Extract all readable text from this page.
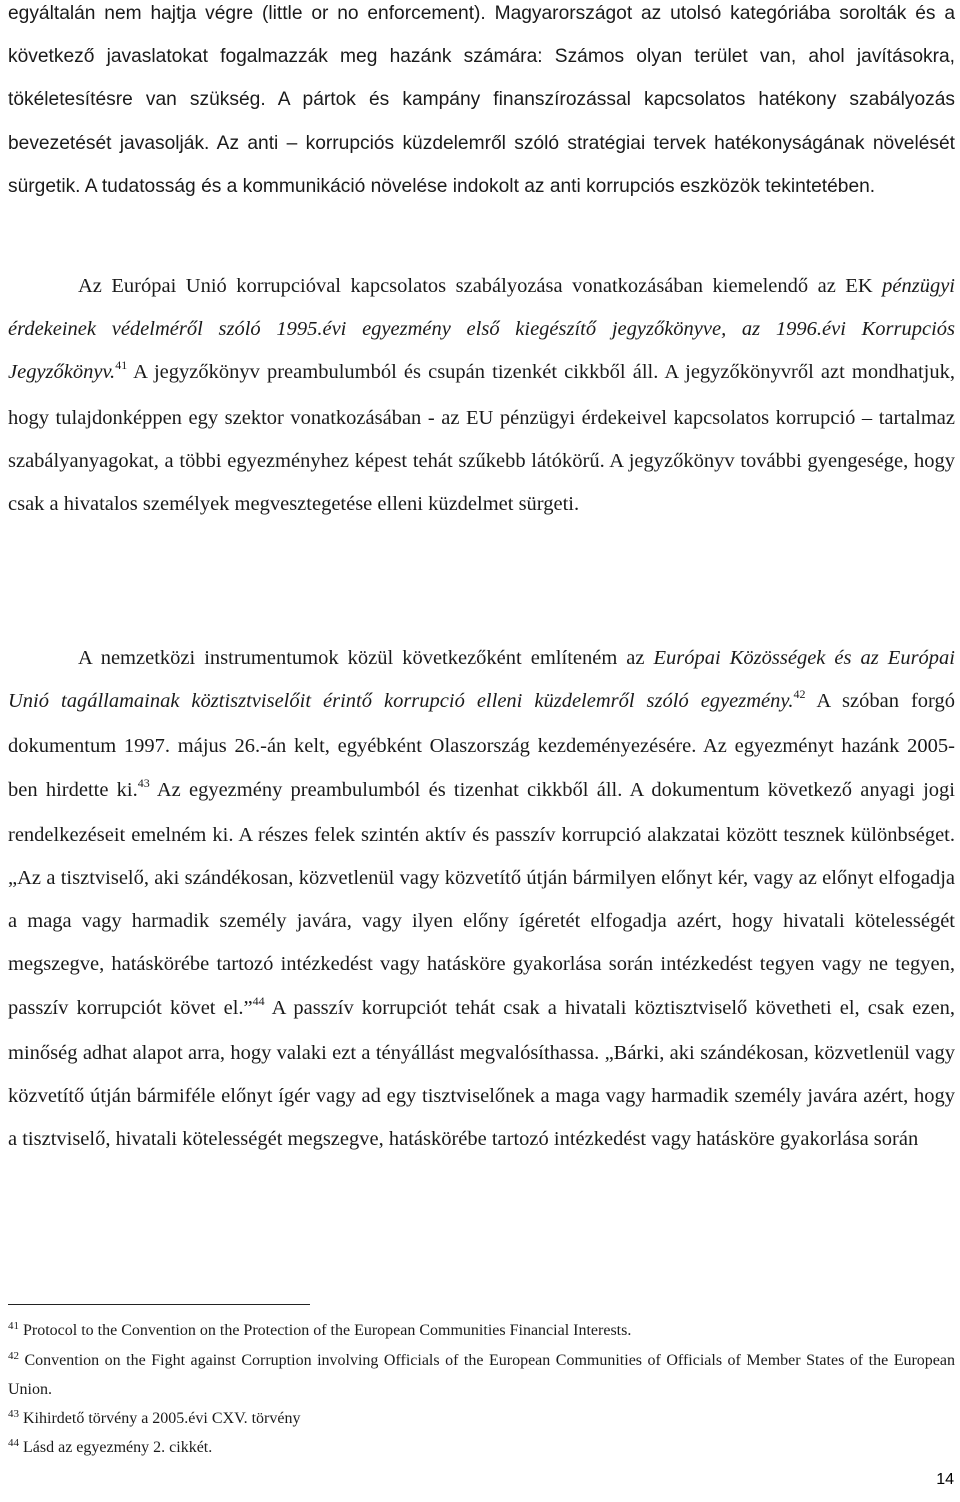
egyáltalán nem hajtja végre (little or no enforcement). Magyarországot az utolsó kategóriába sorolták és a következő javaslatokat fogalmazzák meg hazánk számára: Számos olyan terület van, ahol javításokra, tökéletesítésre van szükség. A pártok és kampány finanszírozással kapcsolatos hatékony szabályozás bevezetését javasolják. Az anti – korrupciós küzdelemről szóló stratégiai tervek hatékonyságának növelését sürgetik. A tudatosság és a kommunikáció növelése indokolt az anti korrupciós eszközök tekintetében.

Az Európai Unió korrupcióval kapcsolatos szabályozása vonatkozásában kiemelendő az EK pénzügyi érdekeinek védelméről szóló 1995.évi egyezmény első kiegészítő jegyzőkönyve, az 1996.évi Korrupciós Jegyzőkönyv.$^{41}$ A jegyzőkönyv preambulumból és csupán tizenkét cikkből áll. A jegyzőkönyvről azt mondhatjuk, hogy tulajdonképpen egy szektor vonatkozásában - az EU pénzügyi érdekeivel kapcsolatos korrupció – tartalmaz szabályanyagokat, a többi egyezményhez képest tehát szűkebb látókörű. A jegyzőkönyv további gyengesége, hogy csak a hivatalos személyek megvesztegetése elleni küzdelmet sürgeti.

A nemzetközi instrumentumok közül következőként említeném az Európai Közösségek és az Európai Unió tagállamainak köztisztviselőit érintő korrupció elleni küzdelemről szóló egyezmény.$^{42}$ A szóban forgó dokumentum 1997. május 26.-án kelt, egyébként Olaszország kezdeményezésére. Az egyezményt hazánk 2005-ben hirdette ki.$^{43}$ Az egyezmény preambulumból és tizenhat cikkből áll. A dokumentum következő anyagi jogi rendelkezéseit emelném ki. A részes felek szintén aktív és passzív korrupció alakzatai között tesznek különbséget. „Az a tisztviselő, aki szándékosan, közvetlenül vagy közvetítő útján bármilyen előnyt kér, vagy az előnyt elfogadja a maga vagy harmadik személy javára, vagy ilyen előny ígéretét elfogadja azért, hogy hivatali kötelességét megszegve, hatáskörébe tartozó intézkedést vagy hatásköre gyakorlása során intézkedést tegyen vagy ne tegyen, passzív korrupciót követ el.”$^{44}$ A passzív korrupciót tehát csak a hivatali köztisztviselő követheti el, csak ezen, minőség adhat alapot arra, hogy valaki ezt a tényállást megvalósíthassa. „Bárki, aki szándékosan, közvetlenül vagy közvetítő útján bármiféle előnyt ígér vagy ad egy tisztviselőnek a maga vagy harmadik személy javára azért, hogy a tisztviselő, hivatali kötelességét megszegve, hatáskörébe tartozó intézkedést vagy hatásköre gyakorlása során

$^{41}$ Protocol to the Convention on the Protection of the European Communities Financial Interests.

$^{42}$ Convention on the Fight against Corruption involving Officials of the European Communities of Officials of Member States of the European Union.

$^{43}$ Kihirdető törvény a 2005.évi CXV. törvény

$^{44}$ Lásd az egyezmény 2. cikkét.

14
